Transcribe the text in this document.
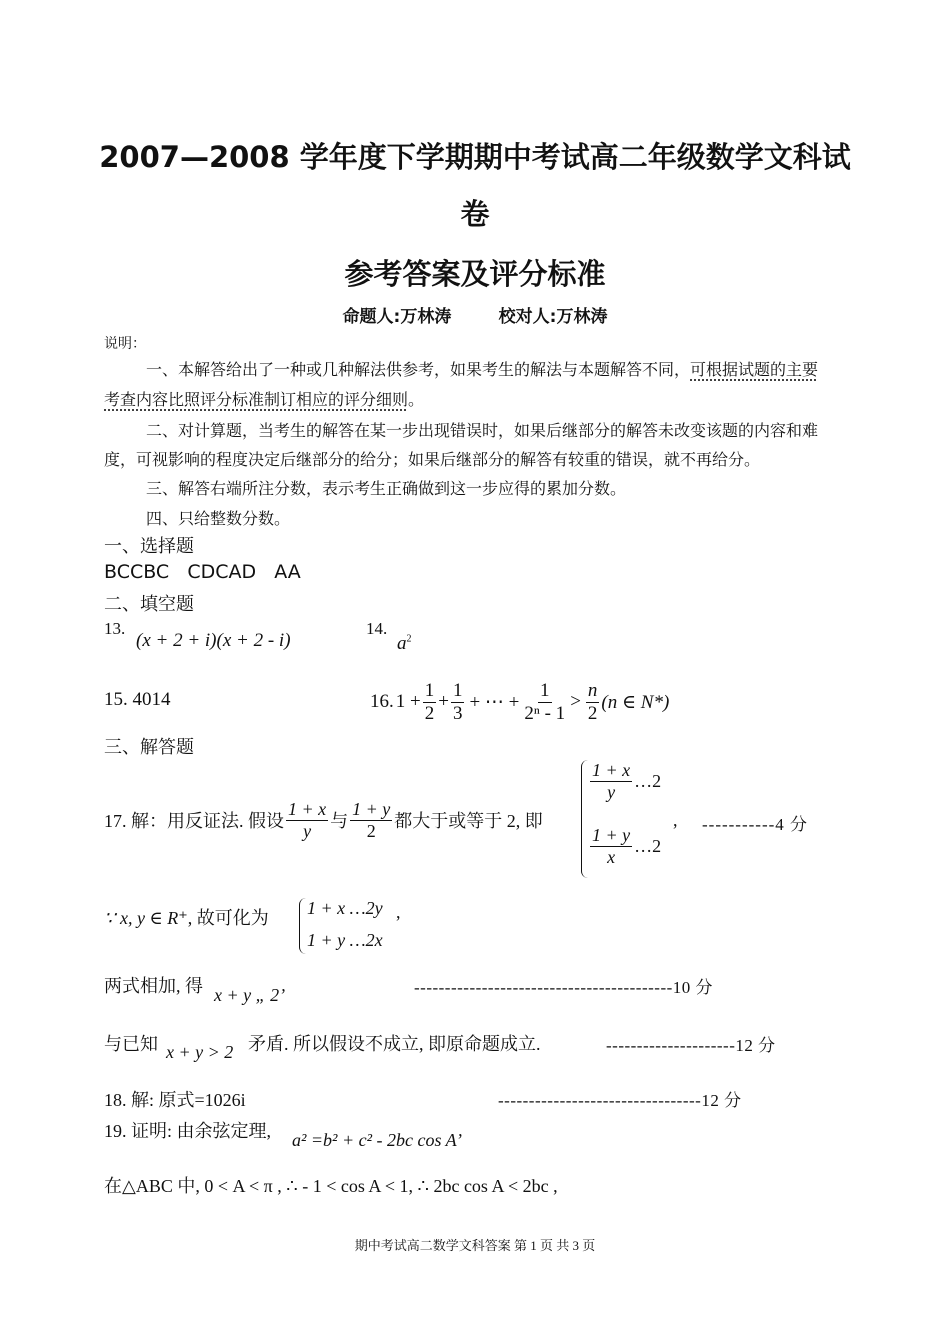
2007—2008 学年度下学期期中考试高二年级数学文科试
卷
参考答案及评分标准
命题人:万林涛        校对人:万林涛
说明：
一、本解答给出了一种或几种解法供参考，如果考生的解法与本题解答不同，可根据试题的主要
考查内容比照评分标准制订相应的评分细则。
二、对计算题，当考生的解答在某一步出现错误时，如果后继部分的解答未改变该题的内容和难
度，可视影响的程度决定后继部分的给分；如果后继部分的解答有较重的错误，就不再给分。
三、解答右端所注分数，表示考生正确做到这一步应得的累加分数。
四、只给整数分数。
一、选择题
BCCBC   CDCAD   AA
二、填空题
13.
(x + 2 + i)(x + 2 - i)
14.
$a^2$
15. 4014	16. $1 + \frac{1}{2} + \frac{1}{3}$ + ⋯ + $\frac{1}{\text{2ⁿ - 1}} > \frac{n}{2} (n$ ∈ N*)
三、解答题
17. 解：用反证法. 假设 $\frac{1 + x}{y}$ 与 $\frac{1 + y}{2}$ 都大于或等于 2, 即
$\frac{1 + x}{y}$ …2
$\frac{1 + y}{x}$ …2
, -----------4 分
∵ x, y ∈ R⁺, 故可化为 1 + x …2y
1 + y …2x
,
两式相加, 得 x + y „ 2’	------------------------------------------10 分
与已知 x + y > 2 矛盾. 所以假设不成立, 即原命题成立.	---------------------12 分
18. 解: 原式=1026i	---------------------------------12 分
19. 证明: 由余弦定理, a² =b² + c² - 2bc cos A’
在△ABC 中, 0 < A < π , ∴ - 1 < cos A < 1, ∴ 2bc cos A < 2bc ,
期中考试高二数学文科答案 第 1 页 共 3 页
